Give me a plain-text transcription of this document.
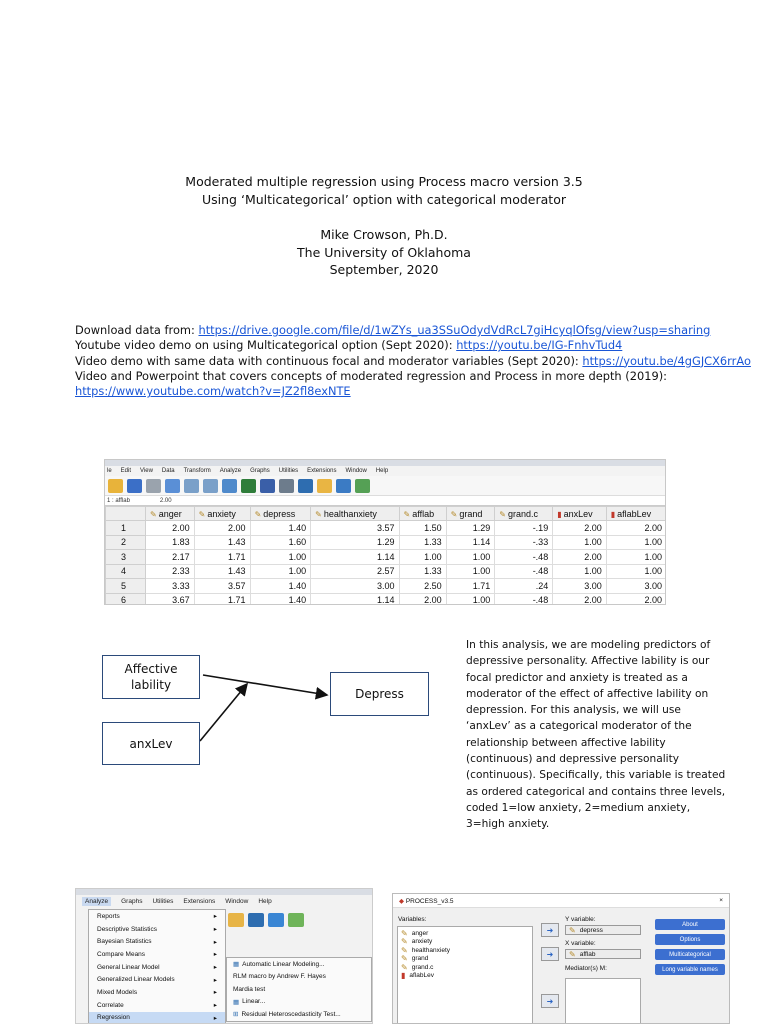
Moderated multiple regression using Process macro version 3.5
Using ‘Multicategorical’ option with categorical moderator
Mike Crowson, Ph.D.
The University of Oklahoma
September, 2020
Download data from: https://drive.google.com/file/d/1wZYs_ua3SSuOdydVdRcL7giHcyqlOfsg/view?usp=sharing
Youtube video demo on using Multicategorical option (Sept 2020): https://youtu.be/IG-FnhvTud4
Video demo with same data with continuous focal and moderator variables (Sept 2020): https://youtu.be/4gGJCX6rrAo
Video and Powerpoint that covers concepts of moderated regression and Process in more depth (2019):
https://www.youtube.com/watch?v=JZ2fl8exNTE
le Edit View Data Transform Analyze Graphs Utilities Extensions Window Help
1 : afflab	2.00
	✎ anger	✎ anxiety	✎ depress	✎ healthanxiety	✎ afflab	✎ grand	✎ grand.c	▮ anxLev	▮ aflabLev
1	2.00	2.00	1.40	3.57	1.50	1.29	-.19	2.00	2.00
2	1.83	1.43	1.60	1.29	1.33	1.14	-.33	1.00	1.00
3	2.17	1.71	1.00	1.14	1.00	1.00	-.48	2.00	1.00
4	2.33	1.43	1.00	2.57	1.33	1.00	-.48	1.00	1.00
5	3.33	3.57	1.40	3.00	2.50	1.71	.24	3.00	3.00
6	3.67	1.71	1.40	1.14	2.00	1.00	-.48	2.00	2.00
Affective lability
anxLev
Depress
In this analysis, we are modeling predictors of depressive personality. Affective lability is our focal predictor and anxiety is treated as a moderator of the effect of affective lability on depression. For this analysis, we will use ‘anxLev’ as a categorical moderator of the relationship between affective lability (continuous) and depressive personality (continuous). Specifically, this variable is treated as ordered categorical and contains three levels, coded 1=low anxiety, 2=medium anxiety, 3=high anxiety.
Analyze	Graphs Utilities Extensions Window Help
Reports	▸
Descriptive Statistics	▸
Bayesian Statistics	▸
Compare Means	▸
General Linear Model	▸
Generalized Linear Models	▸
Mixed Models	▸
Correlate	▸
Regression	▸
▦ Automatic Linear Modeling...
RLM macro by Andrew F. Hayes
Mardia test
▦ Linear...
⊞ Residual Heteroscedasticity Test...
◆ PROCESS_v3.5	×
Variables:
✎ anger
✎ anxiety
✎ healthanxiety
✎ grand
✎ grand.c
▮ aflabLev
➜
➜
➜
Y variable:
✎ depress
X variable:
✎ afflab
Mediator(s) M:
About
Options
Multicategorical
Long variable names
